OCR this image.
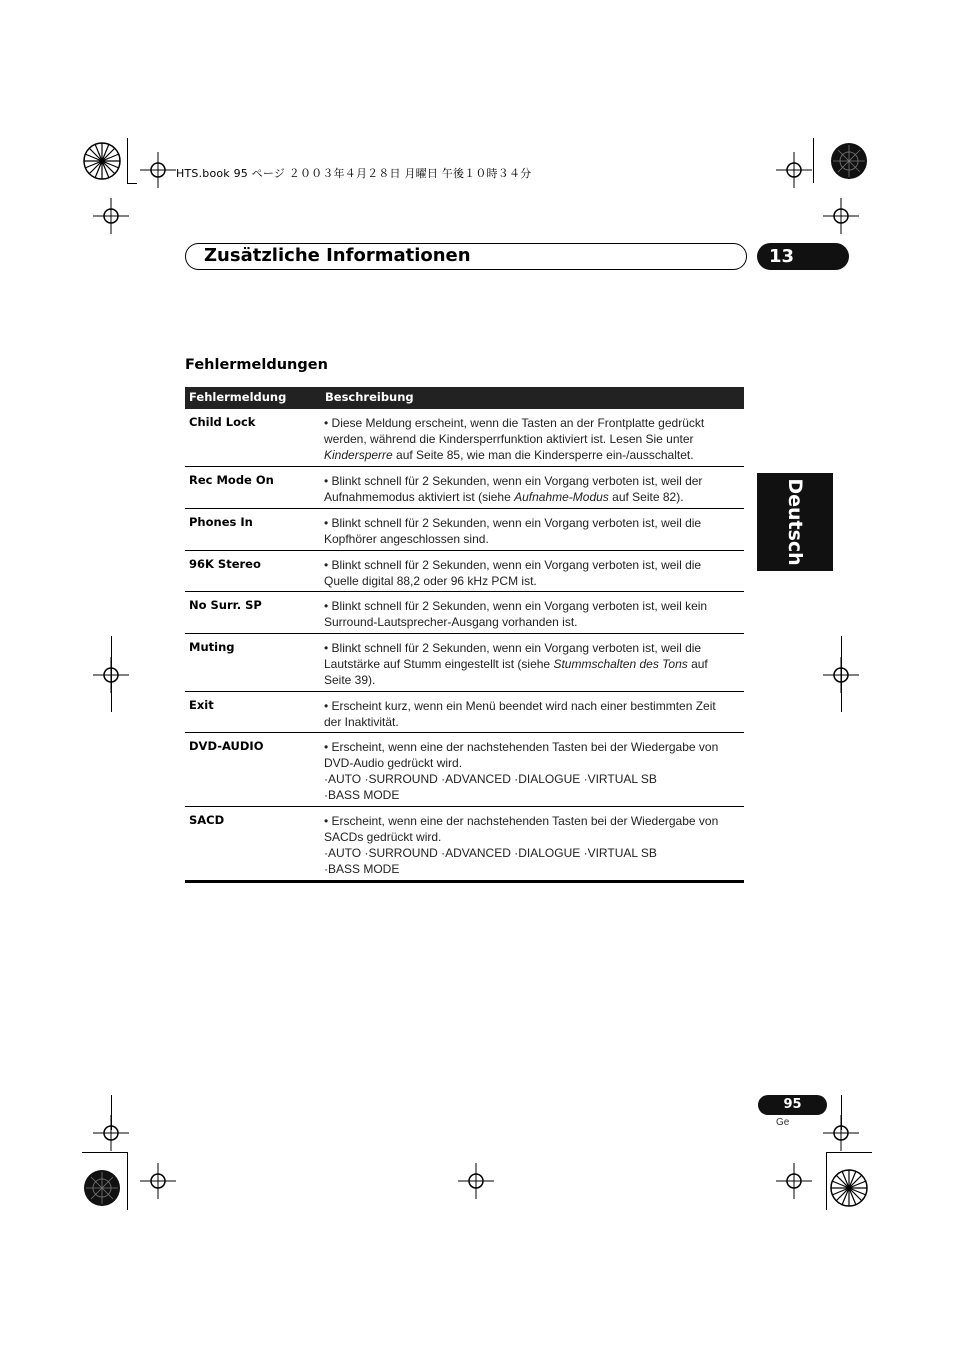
HTS.book 95 ページ ２００３年４月２８日 月曜日 午後１０時３４分
Zusätzliche Informationen	13
Fehlermeldungen
Fehlermeldung	Beschreibung
Child Lock	• Diese Meldung erscheint, wenn die Tasten an der Frontplatte gedrückt
werden, während die Kindersperrfunktion aktiviert ist. Lesen Sie unter
Kindersperre auf Seite 85, wie man die Kindersperre ein-/ausschaltet.
Rec Mode On	• Blinkt schnell für 2 Sekunden, wenn ein Vorgang verboten ist, weil der
Aufnahmemodus aktiviert ist (siehe Aufnahme-Modus auf Seite 82).
Phones In	• Blinkt schnell für 2 Sekunden, wenn ein Vorgang verboten ist, weil die
Kopfhörer angeschlossen sind.
96K Stereo	• Blinkt schnell für 2 Sekunden, wenn ein Vorgang verboten ist, weil die
Quelle digital 88,2 oder 96 kHz PCM ist.
No Surr. SP	• Blinkt schnell für 2 Sekunden, wenn ein Vorgang verboten ist, weil kein
Surround-Lautsprecher-Ausgang vorhanden ist.
Muting	• Blinkt schnell für 2 Sekunden, wenn ein Vorgang verboten ist, weil die
Lautstärke auf Stumm eingestellt ist (siehe Stummschalten des Tons auf
Seite 39).
Exit	• Erscheint kurz, wenn ein Menü beendet wird nach einer bestimmten Zeit
der Inaktivität.
DVD-AUDIO	• Erscheint, wenn eine der nachstehenden Tasten bei der Wiedergabe von
DVD-Audio gedrückt wird.
·AUTO ·SURROUND ·ADVANCED ·DIALOGUE ·VIRTUAL SB
·BASS MODE
SACD	• Erscheint, wenn eine der nachstehenden Tasten bei der Wiedergabe von
SACDs gedrückt wird.
·AUTO ·SURROUND ·ADVANCED ·DIALOGUE ·VIRTUAL SB
·BASS MODE
Deutsch
95
Ge
